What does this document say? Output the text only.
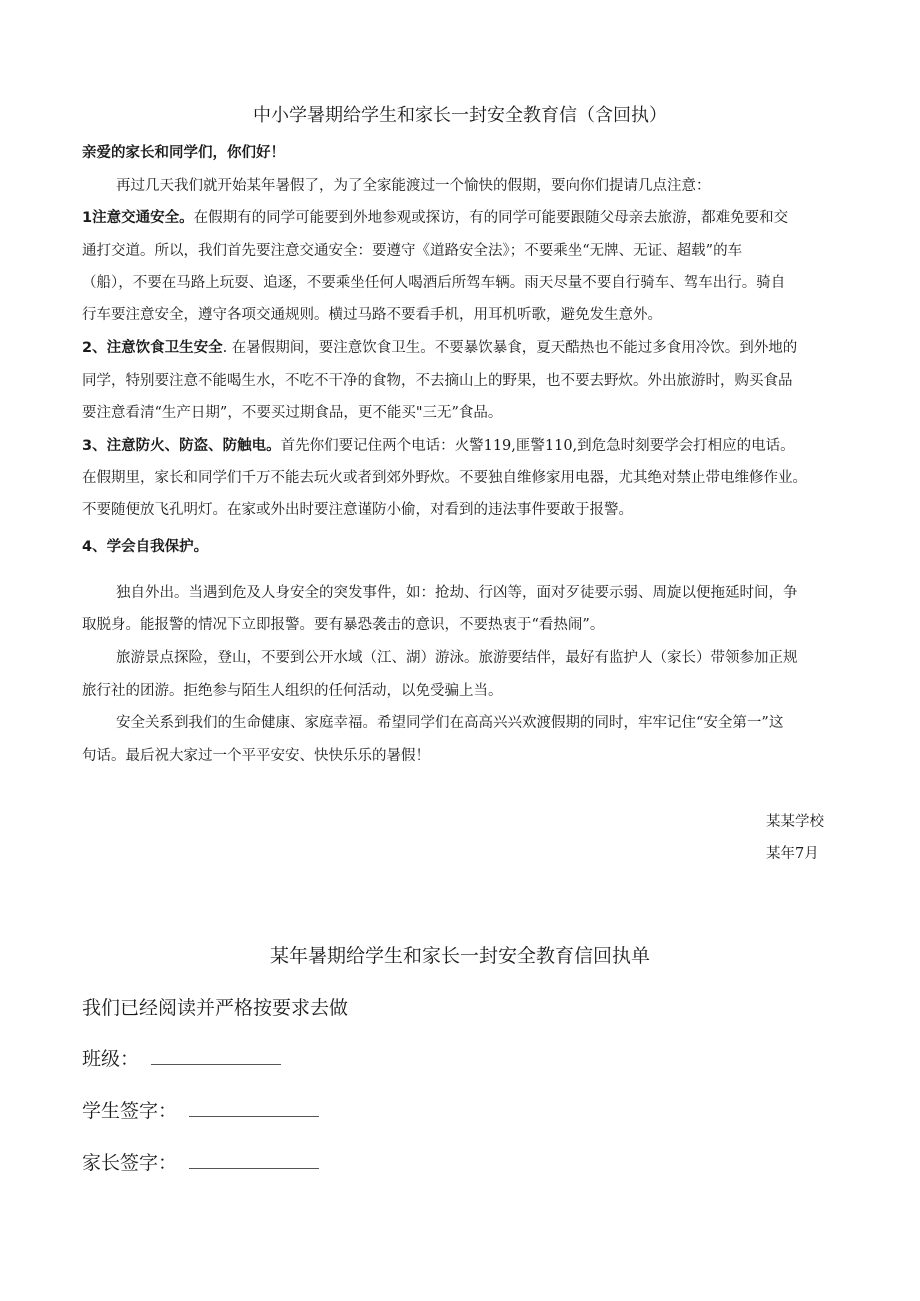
中小学暑期给学生和家长一封安全教育信（含回执）
亲爱的家长和同学们，你们好！
再过几天我们就开始某年暑假了，为了全家能渡过一个愉快的假期，要向你们提请几点注意：
1注意交通安全。在假期有的同学可能要到外地参观或探访，有的同学可能要跟随父母亲去旅游，都难免要和交
通打交道。所以，我们首先要注意交通安全：要遵守《道路安全法》；不要乘坐“无牌、无证、超载”的车
（船），不要在马路上玩耍、追逐，不要乘坐任何人喝酒后所驾车辆。雨天尽量不要自行骑车、驾车出行。骑自
行车要注意安全，遵守各项交通规则。横过马路不要看手机，用耳机听歌，避免发生意外。
2、注意饮食卫生安全. 在暑假期间，要注意饮食卫生。不要暴饮暴食，夏天酷热也不能过多食用冷饮。到外地的
同学，特别要注意不能喝生水，不吃不干净的食物，不去摘山上的野果，也不要去野炊。外出旅游时，购买食品
要注意看清“生产日期”，不要买过期食品，更不能买"三无”食品。
3、注意防火、防盗、防触电。首先你们要记住两个电话：火警119,匪警110,到危急时刻要学会打相应的电话。
在假期里，家长和同学们千万不能去玩火或者到郊外野炊。不要独自维修家用电器，尤其绝对禁止带电维修作业。
不要随便放飞孔明灯。在家或外出时要注意谨防小偷，对看到的违法事件要敢于报警。
4、学会自我保护。
独自外出。当遇到危及人身安全的突发事件，如：抢劫、行凶等，面对歹徒要示弱、周旋以便拖延时间，争
取脱身。能报警的情况下立即报警。要有暴恐袭击的意识，不要热衷于“看热闹”。
旅游景点探险，登山，不要到公开水域（江、湖）游泳。旅游要结伴，最好有监护人（家长）带领参加正规
旅行社的团游。拒绝参与陌生人组织的任何活动，以免受骗上当。
安全关系到我们的生命健康、家庭幸福。希望同学们在高高兴兴欢渡假期的同时，牢牢记住“安全第一”这
句话。最后祝大家过一个平平安安、快快乐乐的暑假！
某某学校
某年7月
某年暑期给学生和家长一封安全教育信回执单
我们已经阅读并严格按要求去做
班级：
学生签字：
家长签字：
